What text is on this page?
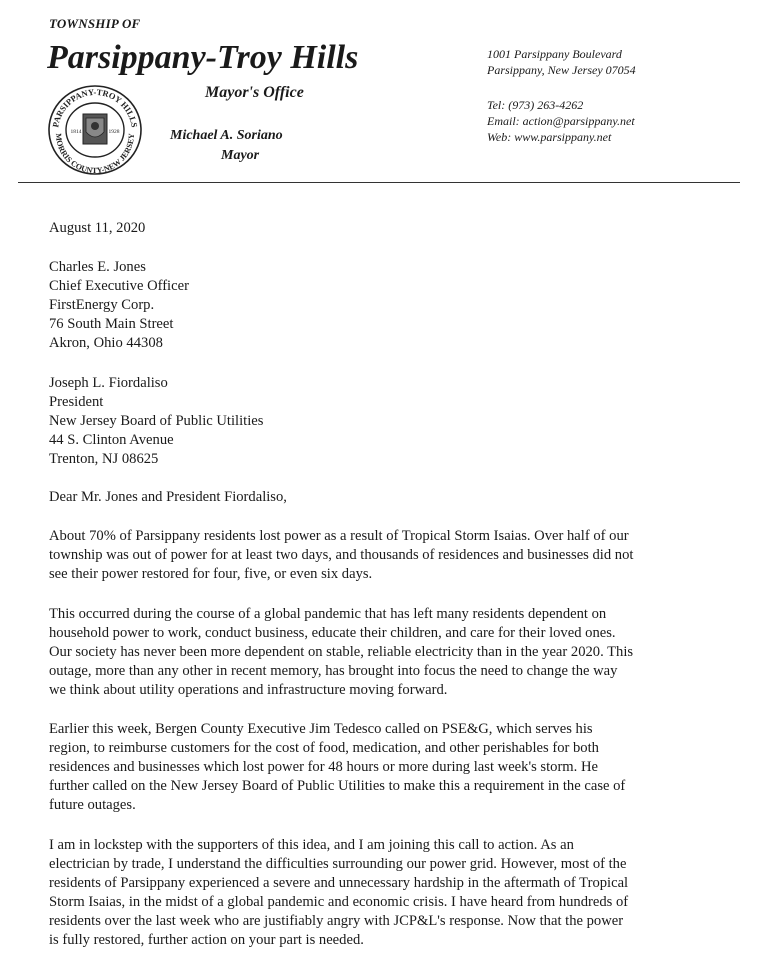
TOWNSHIP OF
Parsippany-Troy Hills
Mayor's Office
Michael A. Soriano
Mayor
PARSIPPANY-TROY HILLS
MORRIS COUNTY-NEW JERSEY
1814	1928
1001 Parsippany Boulevard
Parsippany, New Jersey 07054
Tel: (973) 263-4262
Email: action@parsippany.net
Web: www.parsippany.net
August 11, 2020
Charles E. Jones
Chief Executive Officer
FirstEnergy Corp.
76 South Main Street
Akron, Ohio 44308
Joseph L. Fiordaliso
President
New Jersey Board of Public Utilities
44 S. Clinton Avenue
Trenton, NJ 08625
Dear Mr. Jones and President Fiordaliso,
About 70% of Parsippany residents lost power as a result of Tropical Storm Isaias. Over half of our
township was out of power for at least two days, and thousands of residences and businesses did not
see their power restored for four, five, or even six days.
This occurred during the course of a global pandemic that has left many residents dependent on
household power to work, conduct business, educate their children, and care for their loved ones.
Our society has never been more dependent on stable, reliable electricity than in the year 2020. This
outage, more than any other in recent memory, has brought into focus the need to change the way
we think about utility operations and infrastructure moving forward.
Earlier this week, Bergen County Executive Jim Tedesco called on PSE&G, which serves his
region, to reimburse customers for the cost of food, medication, and other perishables for both
residences and businesses which lost power for 48 hours or more during last week's storm. He
further called on the New Jersey Board of Public Utilities to make this a requirement in the case of
future outages.
I am in lockstep with the supporters of this idea, and I am joining this call to action. As an
electrician by trade, I understand the difficulties surrounding our power grid. However, most of the
residents of Parsippany experienced a severe and unnecessary hardship in the aftermath of Tropical
Storm Isaias, in the midst of a global pandemic and economic crisis. I have heard from hundreds of
residents over the last week who are justifiably angry with JCP&L's response. Now that the power
is fully restored, further action on your part is needed.
